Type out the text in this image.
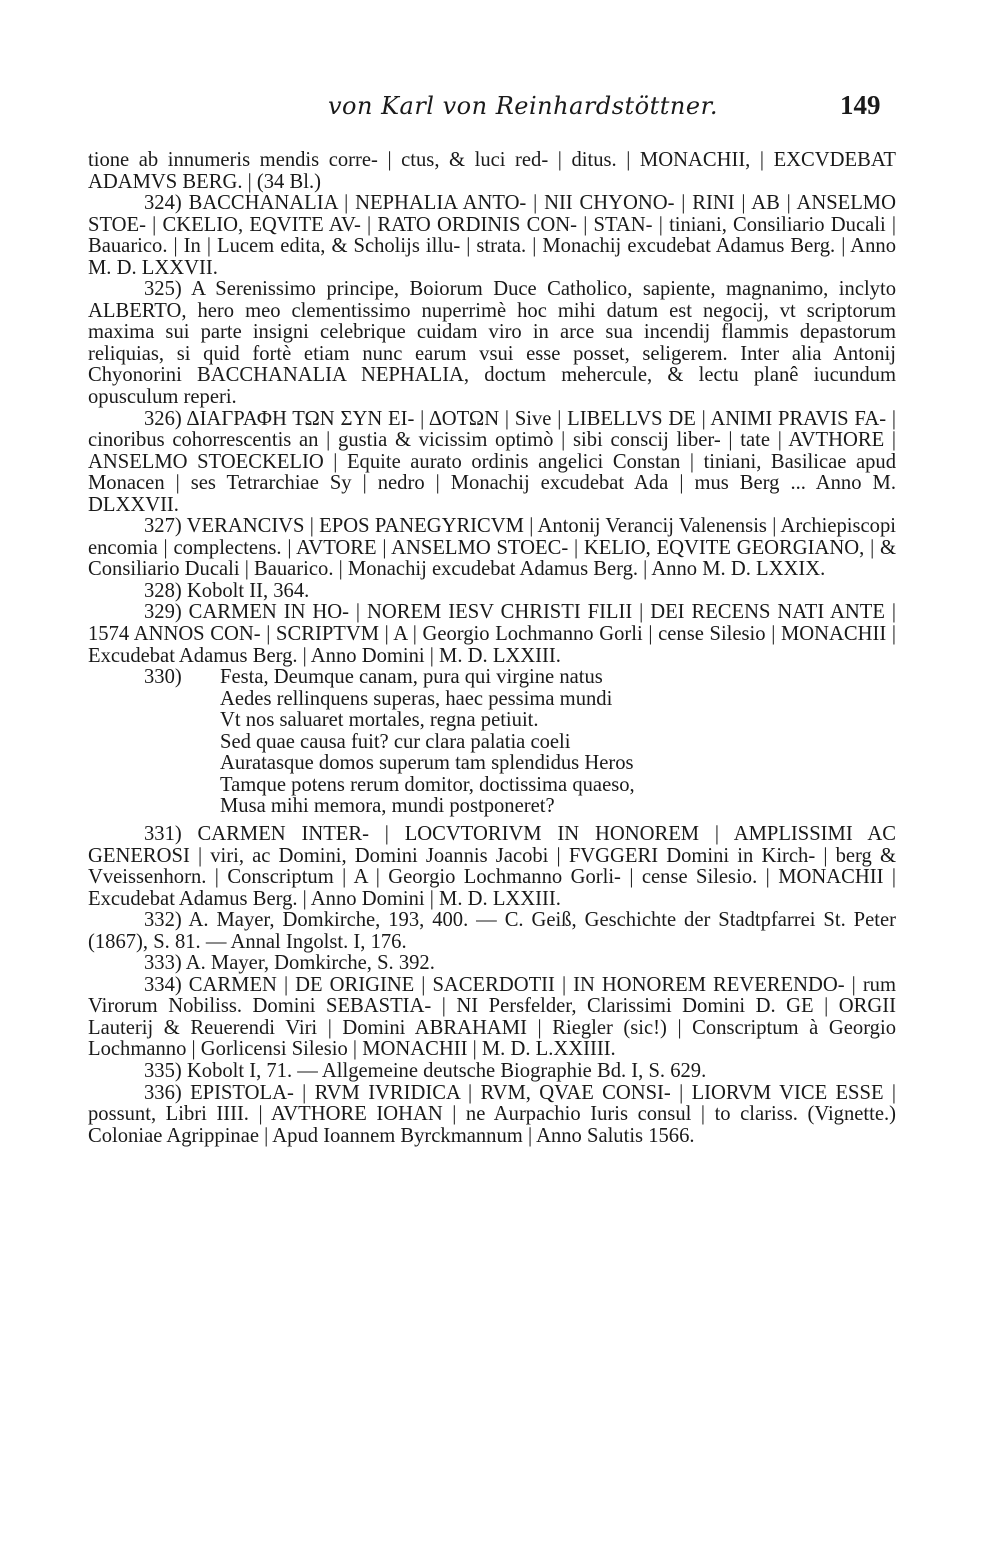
von Karl von Reinhardstöttner.	149

tione ab innumeris mendis corre- | ctus, & luci red- | ditus. | MONACHII, | EXCVDEBAT ADAMVS BERG. | (34 Bl.)

324) BACCHANALIA | NEPHALIA ANTO- | NII CHYONO- | RINI | AB | ANSELMO STOE- | CKELIO, EQVITE AV- | RATO ORDINIS CON- | STAN- | tiniani, Consiliario Ducali | Bauarico. | In | Lucem edita, & Scholijs illu- | strata. | Monachij excudebat Adamus Berg. | Anno M. D. LXXVII.

325) A Serenissimo principe, Boiorum Duce Catholico, sapiente, magnanimo, inclyto ALBERTO, hero meo clementissimo nuperrimè hoc mihi datum est negocij, vt scriptorum maxima sui parte insigni celebrique cuidam viro in arce sua incendij flammis depastorum reliquias, si quid fortè etiam nunc earum vsui esse posset, seligerem. Inter alia Antonij Chyonorini BACCHANALIA NEPHALIA, doctum mehercule, & lectu planê iucundum opusculum reperi.

326) ΔΙΑΓΡΑΦΗ ΤΩΝ ΣΥΝ ΕΙ- | ΔΟΤΩΝ | Sive | LIBELLVS DE | ANIMI PRAVIS FA- | cinoribus cohorrescentis an | gustia & vicissim optimò | sibi conscij liber- | tate | AVTHORE | ANSELMO STOECKELIO | Equite aurato ordinis angelici Constan | tiniani, Basilicae apud Monacen | ses Tetrarchiae Sy | nedro | Monachij excudebat Ada | mus Berg ... Anno M. DLXXVII.

327) VERANCIVS | EPOS PANEGYRICVM | Antonij Verancij Valenensis | Archiepiscopi encomia | complectens. | AVTORE | ANSELMO STOEC- | KELIO, EQVITE GEORGIANO, | & Consiliario Ducali | Bauarico. | Monachij excudebat Adamus Berg. | Anno M. D. LXXIX.

328) Kobolt II, 364.

329) CARMEN IN HO- | NOREM IESV CHRISTI FILII | DEI RECENS NATI ANTE | 1574 ANNOS CON- | SCRIPTVM | A | Georgio Lochmanno Gorli | cense Silesio | MONACHII | Excudebat Adamus Berg. | Anno Domini | M. D. LXXIII.

330)	Festa, Deumque canam, pura qui virgine natus
Aedes rellinquens superas, haec pessima mundi
Vt nos saluaret mortales, regna petiuit.
Sed quae causa fuit? cur clara palatia coeli
Auratasque domos superum tam splendidus Heros
Tamque potens rerum domitor, doctissima quaeso,
Musa mihi memora, mundi postponeret?

331) CARMEN INTER- | LOCVTORIVM IN HONOREM | AMPLISSIMI AC GENEROSI | viri, ac Domini, Domini Joannis Jacobi | FVGGERI Domini in Kirch- | berg & Vveissenhorn. | Conscriptum | A | Georgio Lochmanno Gorli- | cense Silesio. | MONACHII | Excudebat Adamus Berg. | Anno Domini | M. D. LXXIII.

332) A. Mayer, Domkirche, 193, 400. — C. Geiß, Geschichte der Stadtpfarrei St. Peter (1867), S. 81. — Annal Ingolst. I, 176.

333) A. Mayer, Domkirche, S. 392.

334) CARMEN | DE ORIGINE | SACERDOTII | IN HONOREM REVERENDO- | rum Virorum Nobiliss. Domini SEBASTIA- | NI Persfelder, Clarissimi Domini D. GE | ORGII Lauterij & Reuerendi Viri | Domini ABRAHAMI | Riegler (sic!) | Conscriptum à Georgio Lochmanno | Gorlicensi Silesio | MONACHII | M. D. L.XXIIII.

335) Kobolt I, 71. — Allgemeine deutsche Biographie Bd. I, S. 629.

336) EPISTOLA- | RVM IVRIDICA | RVM, QVAE CONSI- | LIORVM VICE ESSE | possunt, Libri IIII. | AVTHORE IOHAN | ne Aurpachio Iuris consul | to clariss. (Vignette.) Coloniae Agrippinae | Apud Ioannem Byrckmannum | Anno Salutis 1566.
